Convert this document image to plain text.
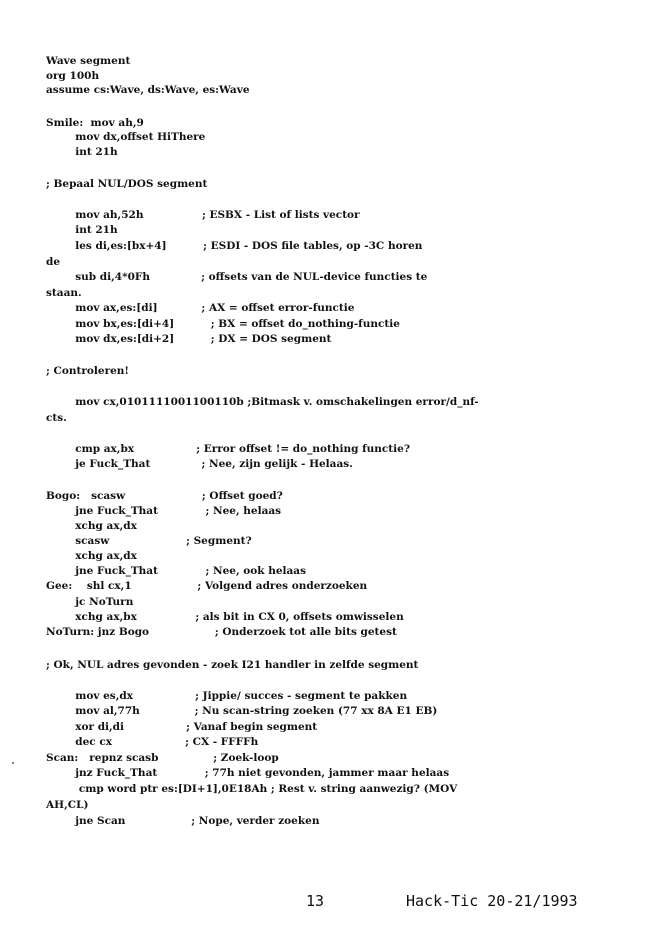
Wave segment
org 100h
assume cs:Wave, ds:Wave, es:Wave
Smile:  mov ah,9
mov dx,offset HiThere
int 21h
; Bepaal NUL/DOS segment
mov ah,52h                ; ESBX - List of lists vector
int 21h
les di,es:[bx+4]          ; ESDI - DOS file tables, op -3C horen
de
sub di,4*0Fh              ; offsets van de NUL-device functies te
staan.
mov ax,es:[di]            ; AX = offset error-functie
mov bx,es:[di+4]          ; BX = offset do_nothing-functie
mov dx,es:[di+2]          ; DX = DOS segment
; Controleren!
mov cx,0101111001100110b ;Bitmask v. omschakelingen error/d_nf-
cts.
cmp ax,bx                 ; Error offset != do_nothing functie?
je Fuck_That              ; Nee, zijn gelijk - Helaas.
Bogo:   scasw                     ; Offset goed?
jne Fuck_That             ; Nee, helaas
xchg ax,dx
scasw                     ; Segment?
xchg ax,dx
jne Fuck_That             ; Nee, ook helaas
Gee:    shl cx,1                  ; Volgend adres onderzoeken
jc NoTurn
xchg ax,bx                ; als bit in CX 0, offsets omwisselen
NoTurn: jnz Bogo                  ; Onderzoek tot alle bits getest
; Ok, NUL adres gevonden - zoek I21 handler in zelfde segment
mov es,dx                 ; Jippie/ succes - segment te pakken
mov al,77h               ; Nu scan-string zoeken (77 xx 8A E1 EB)
xor di,di                 ; Vanaf begin segment
dec cx                    ; CX - FFFFh
Scan:   repnz scasb               ; Zoek-loop
jnz Fuck_That             ; 77h niet gevonden, jammer maar helaas
cmp word ptr es:[DI+1],0E18Ah ; Rest v. string aanwezig? (MOV
AH,CL)
jne Scan                  ; Nope, verder zoeken
13	Hack-Tic 20-21/1993
